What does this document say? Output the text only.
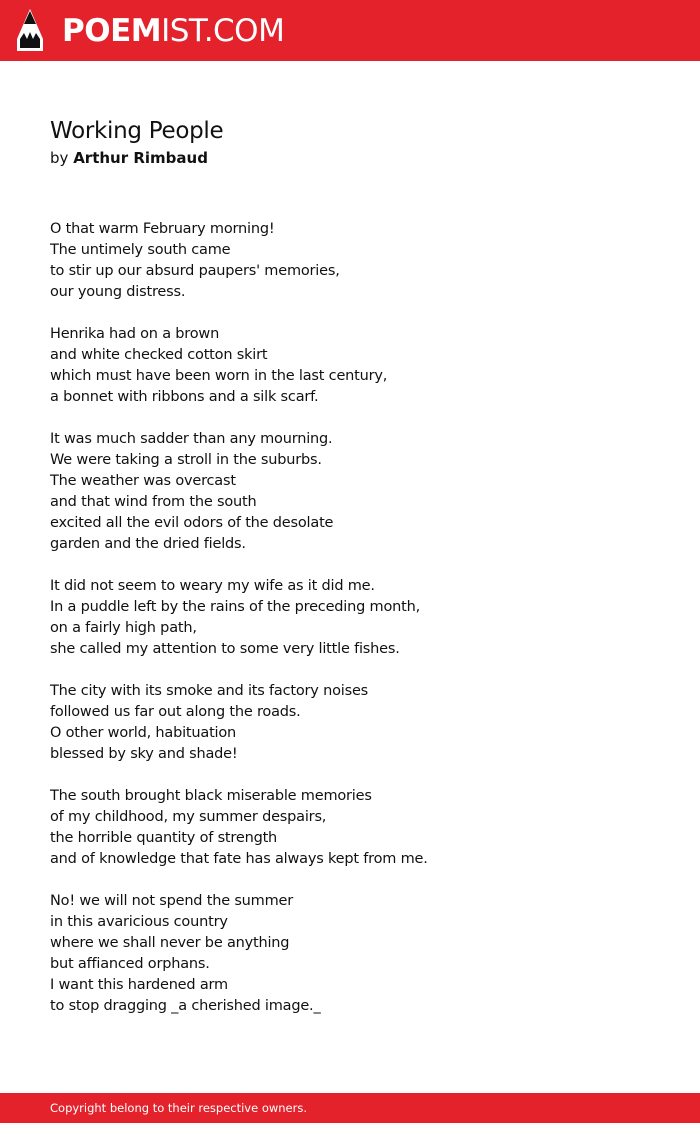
POEMIST.COM
Working People
by Arthur Rimbaud
O that warm February morning!
The untimely south came
to stir up our absurd paupers' memories,
our young distress.
Henrika had on a brown
and white checked cotton skirt
which must have been worn in the last century,
a bonnet with ribbons and a silk scarf.
It was much sadder than any mourning.
We were taking a stroll in the suburbs.
The weather was overcast
and that wind from the south
excited all the evil odors of the desolate
garden and the dried fields.
It did not seem to weary my wife as it did me.
In a puddle left by the rains of the preceding month,
on a fairly high path,
she called my attention to some very little fishes.
The city with its smoke and its factory noises
followed us far out along the roads.
O other world, habituation
blessed by sky and shade!
The south brought black miserable memories
of my childhood, my summer despairs,
the horrible quantity of strength
and of knowledge that fate has always kept from me.
No! we will not spend the summer
in this avaricious country
where we shall never be anything
but affianced orphans.
I want this hardened arm
to stop dragging _a cherished image._
Copyright belong to their respective owners.
